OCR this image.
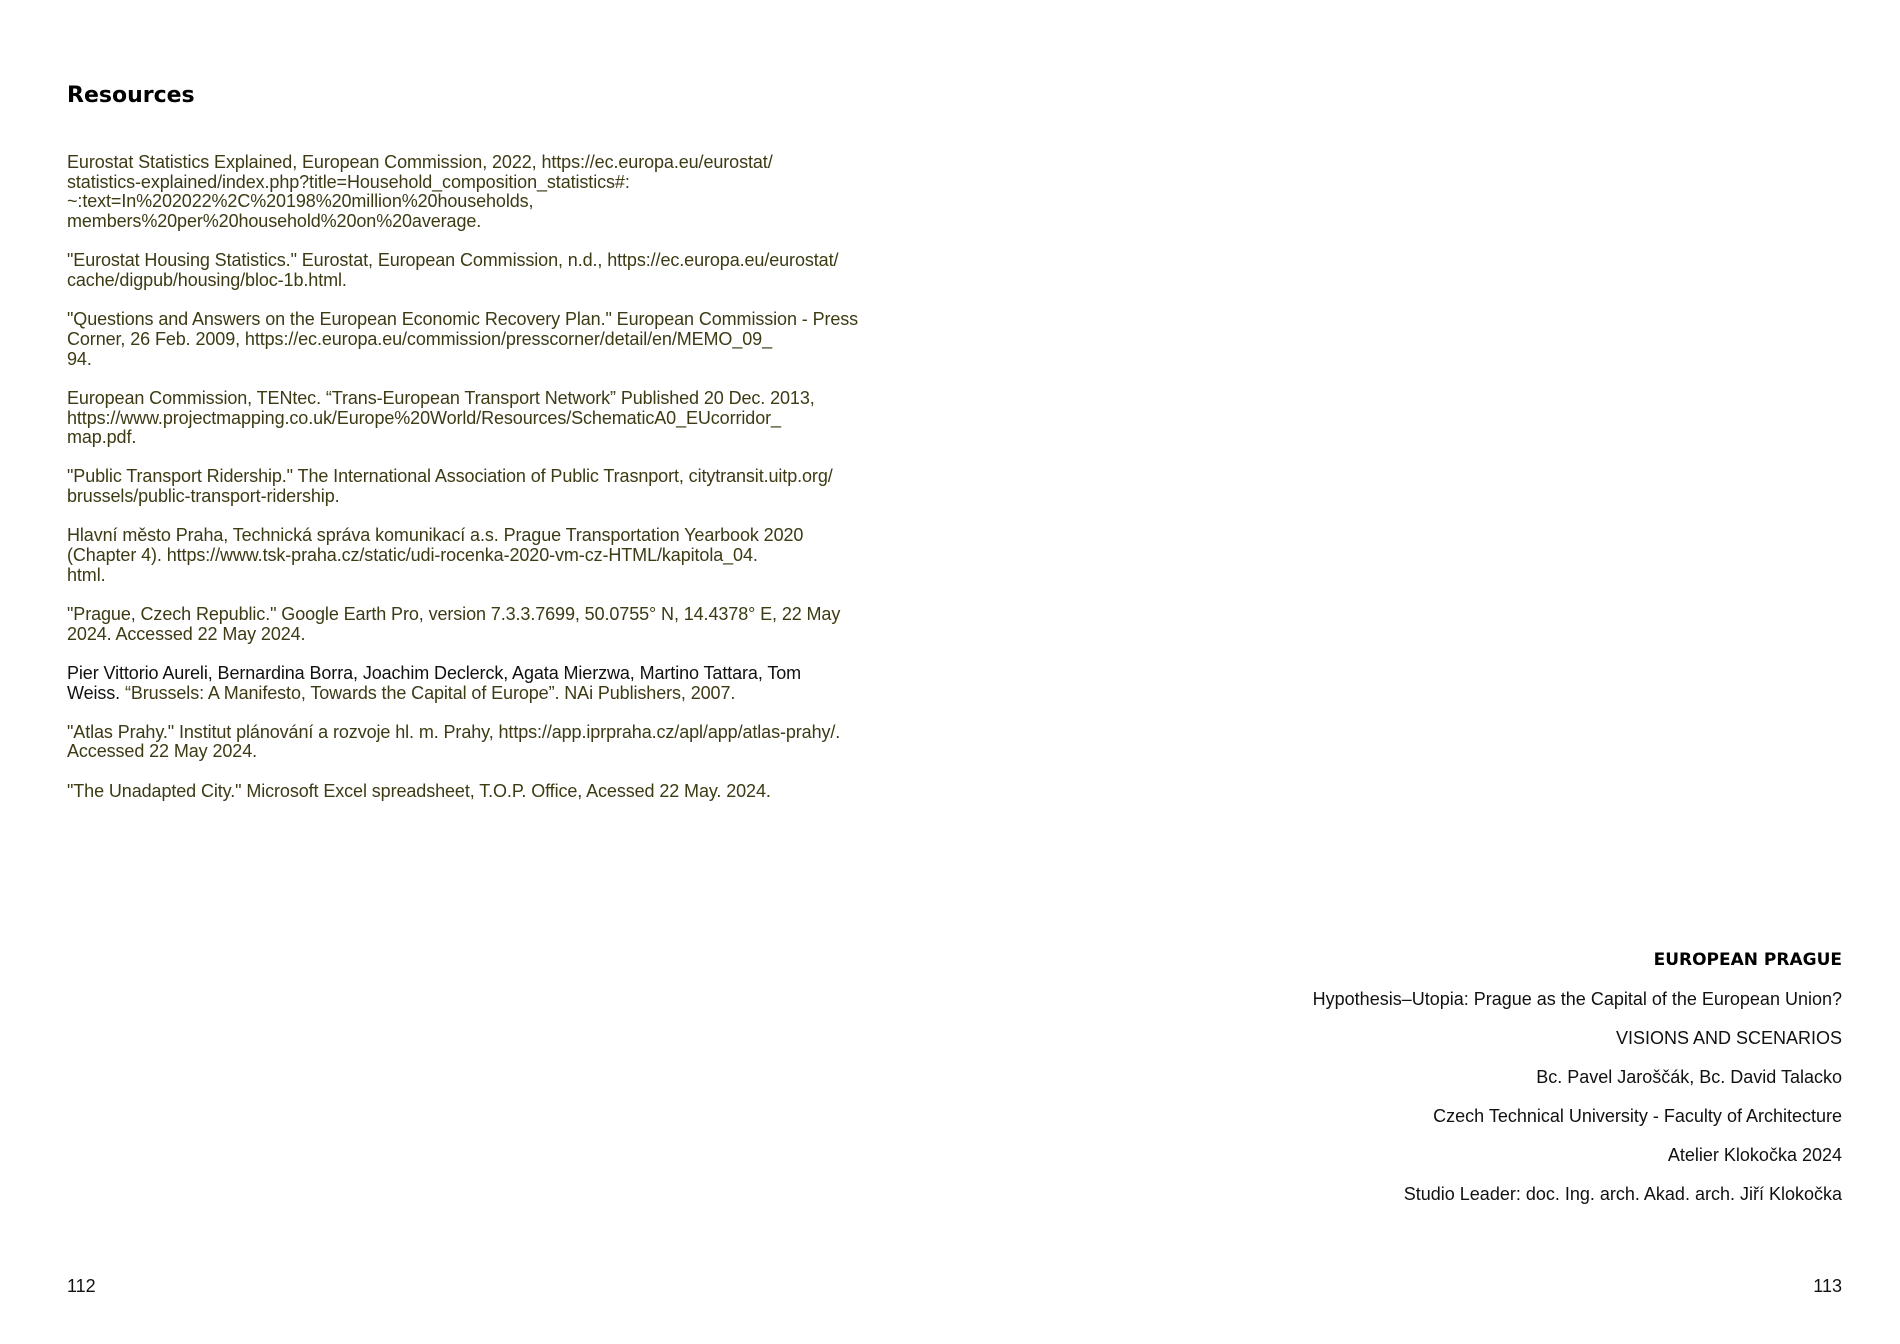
Resources
Eurostat Statistics Explained, European Commission, 2022, https://ec.europa.eu/eurostat/
statistics-explained/index.php?title=Household_composition_statistics#:
~:text=In%202022%2C%20198%20million%20households,
members%20per%20household%20on%20average.
"Eurostat Housing Statistics." Eurostat, European Commission, n.d., https://ec.europa.eu/eurostat/
cache/digpub/housing/bloc-1b.html.
"Questions and Answers on the European Economic Recovery Plan." European Commission - Press
Corner, 26 Feb. 2009, https://ec.europa.eu/commission/presscorner/detail/en/MEMO_09_
94.
European Commission, TENtec. “Trans-European Transport Network” Published 20 Dec. 2013,
https://www.projectmapping.co.uk/Europe%20World/Resources/SchematicA0_EUcorridor_
map.pdf.
"Public Transport Ridership." The International Association of Public Trasnport, citytransit.uitp.org/
brussels/public-transport-ridership.
Hlavní město Praha, Technická správa komunikací a.s. Prague Transportation Yearbook 2020
(Chapter 4). https://www.tsk-praha.cz/static/udi-rocenka-2020-vm-cz-HTML/kapitola_04.
html.
"Prague, Czech Republic." Google Earth Pro, version 7.3.3.7699, 50.0755° N, 14.4378° E, 22 May
2024. Accessed 22 May 2024.
Pier Vittorio Aureli, Bernardina Borra, Joachim Declerck, Agata Mierzwa, Martino Tattara, Tom
Weiss. “Brussels: A Manifesto, Towards the Capital of Europe”. NAi Publishers, 2007.
"Atlas Prahy." Institut plánování a rozvoje hl. m. Prahy, https://app.iprpraha.cz/apl/app/atlas-prahy/.
Accessed 22 May 2024.
"The Unadapted City." Microsoft Excel spreadsheet, T.O.P. Office, Acessed 22 May. 2024.

EUROPEAN PRAGUE

Hypothesis–Utopia: Prague as the Capital of the European Union?

VISIONS AND SCENARIOS

Bc. Pavel Jaroščák, Bc. David Talacko

Czech Technical University - Faculty of Architecture

Atelier Klokočka 2024

Studio Leader: doc. Ing. arch. Akad. arch. Jiří Klokočka

112	113
